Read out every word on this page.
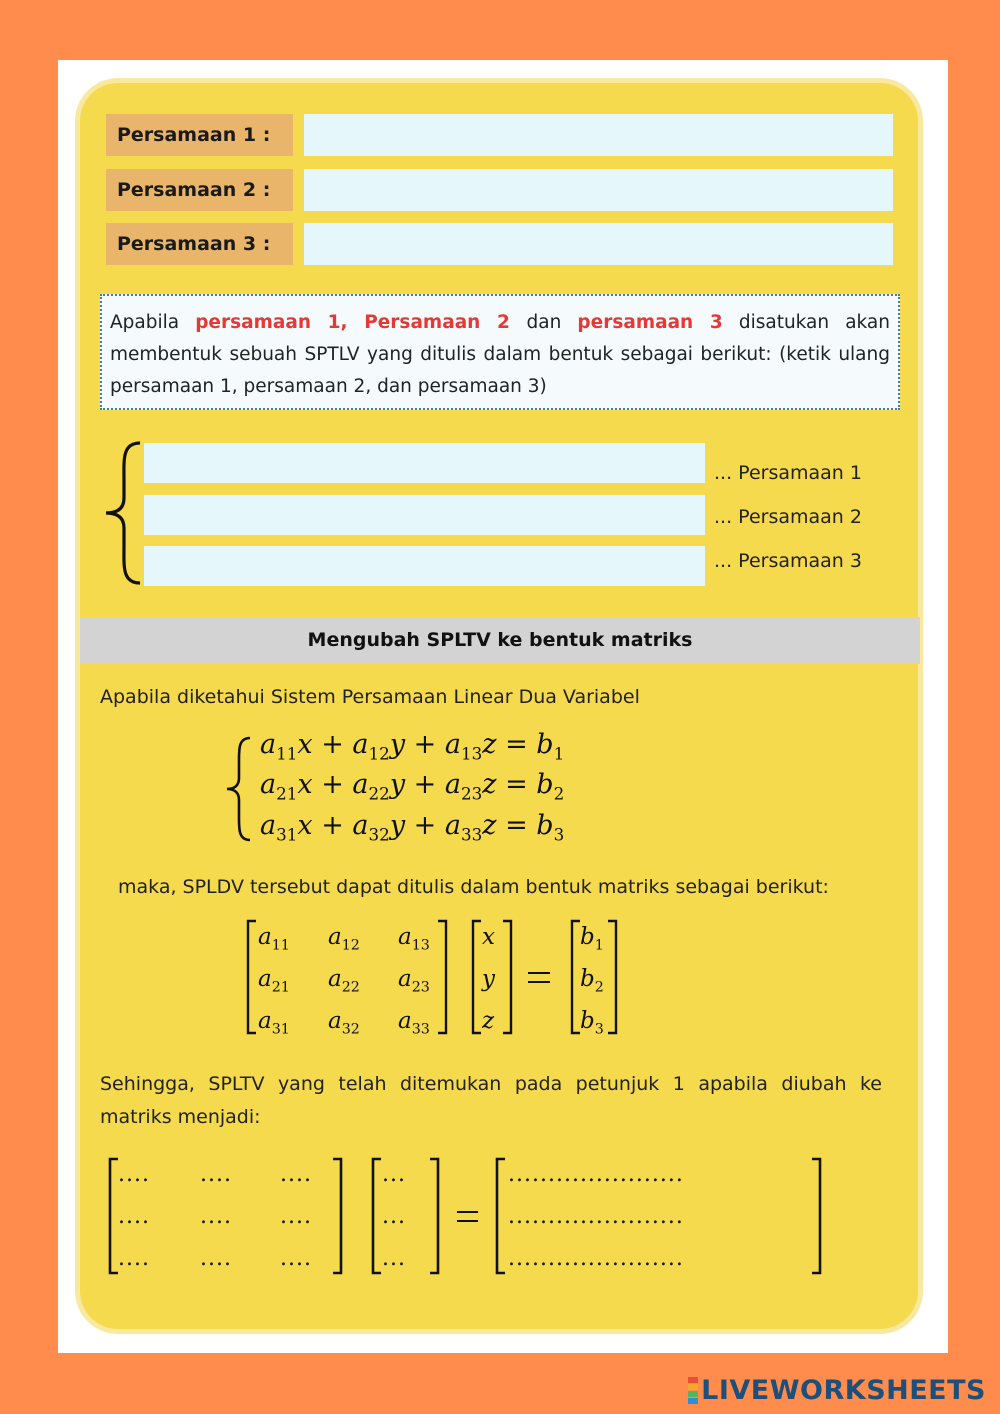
Persamaan 1 :
Persamaan 2 :
Persamaan 3 :
Apabila persamaan 1, Persamaan 2 dan persamaan 3 disatukan akan membentuk sebuah SPTLV yang ditulis dalam bentuk sebagai berikut: (ketik ulang persamaan 1, persamaan 2, dan persamaan 3)
... Persamaan 1
... Persamaan 2
... Persamaan 3
Mengubah SPLTV ke bentuk matriks
Apabila diketahui Sistem Persamaan Linear Dua Variabel
$a_{11}x + a_{12}y + a_{13}z = b_1$
$a_{21}x + a_{22}y + a_{23}z = b_2$
$a_{31}x + a_{32}y + a_{33}z = b_3$
maka, SPLDV tersebut dapat ditulis dalam bentuk matriks sebagai berikut:
$a_{11}$ $a_{12}$ $a_{13}$
$a_{21}$ $a_{22}$ $a_{23}$
$a_{31}$ $a_{32}$ $a_{33}$
x
y
z
$b_1$
$b_2$
$b_3$
Sehingga, SPLTV yang telah ditemukan pada petunjuk 1 apabila diubah ke matriks menjadi:
.... .... ....
.... .... ....
.... .... ....
...
...
...
......................
......................
......................
LIVEWORKSHEETS
